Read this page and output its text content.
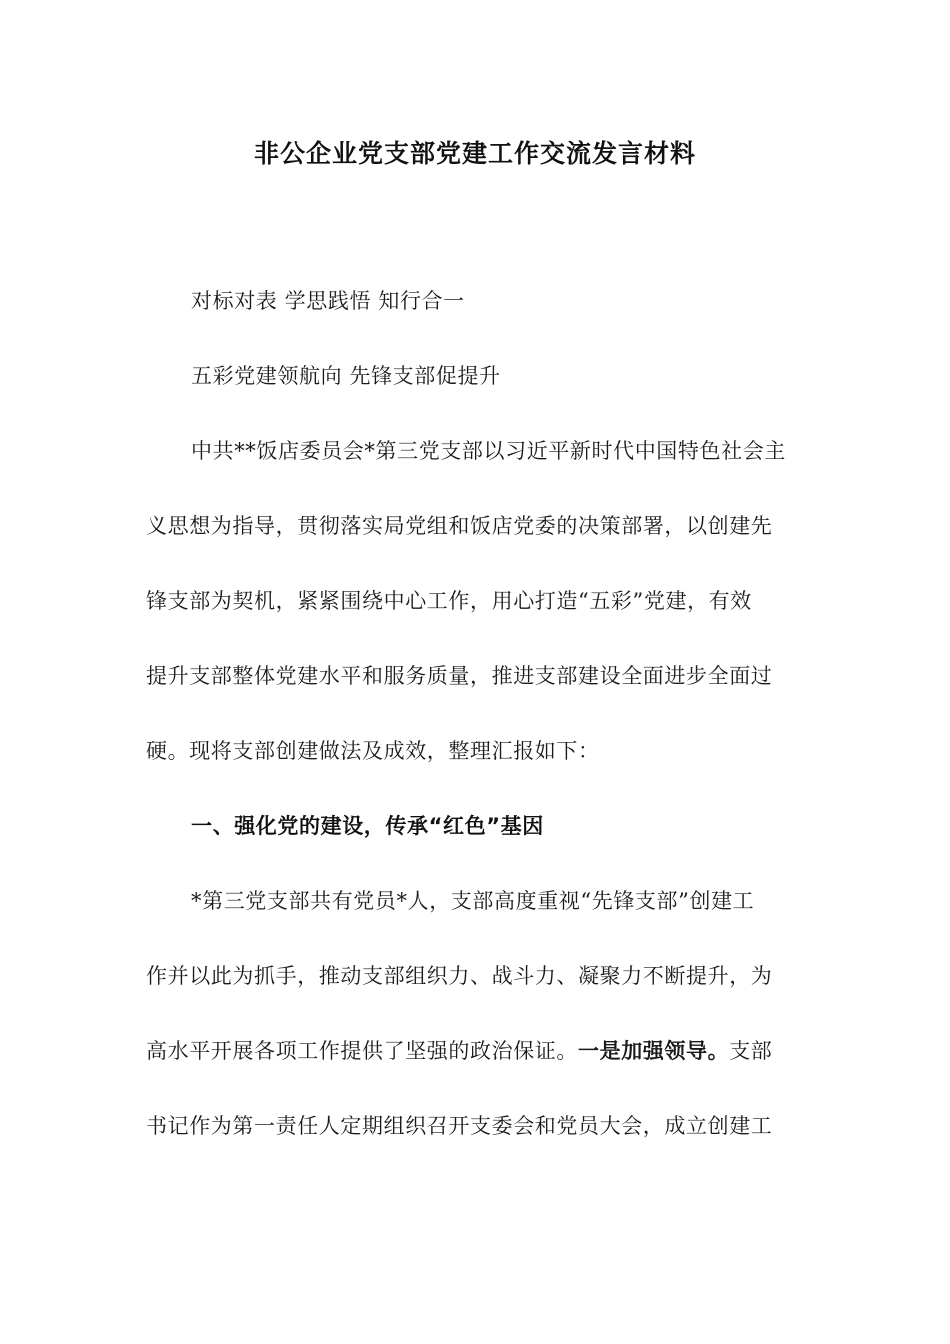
非公企业党支部党建工作交流发言材料
对标对表 学思践悟 知行合一
五彩党建领航向 先锋支部促提升
中共**饭店委员会*第三党支部以习近平新时代中国特色社会主
义思想为指导，贯彻落实局党组和饭店党委的决策部署，以创建先
锋支部为契机，紧紧围绕中心工作，用心打造“五彩”党建，有效
提升支部整体党建水平和服务质量，推进支部建设全面进步全面过
硬。现将支部创建做法及成效，整理汇报如下：
一、强化党的建设，传承“红色”基因
*第三党支部共有党员*人，支部高度重视“先锋支部”创建工
作并以此为抓手，推动支部组织力、战斗力、凝聚力不断提升，为
高水平开展各项工作提供了坚强的政治保证。一是加强领导。支部
书记作为第一责任人定期组织召开支委会和党员大会，成立创建工
